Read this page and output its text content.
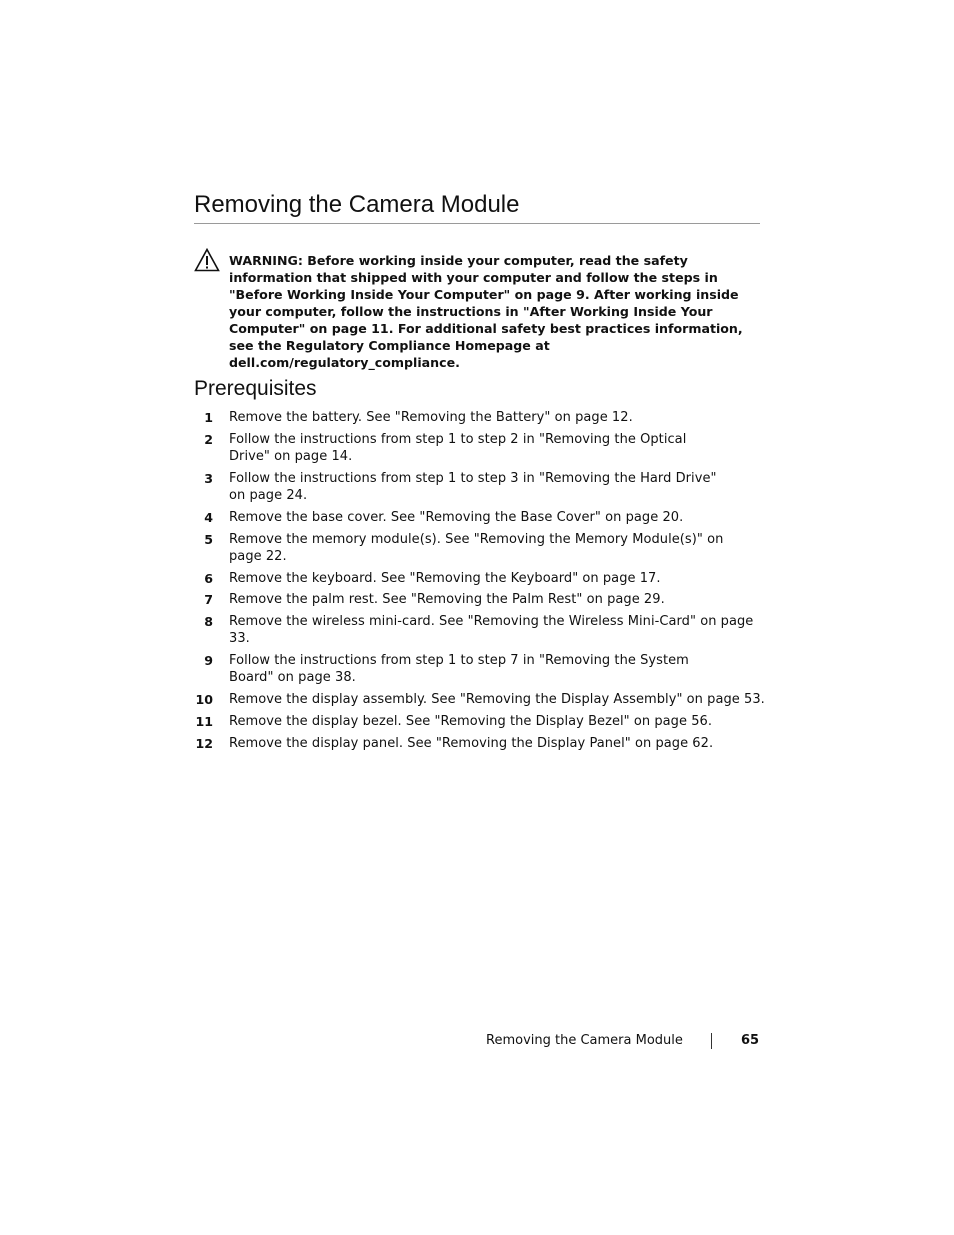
Removing the Camera Module

WARNING: Before working inside your computer, read the safety information that shipped with your computer and follow the steps in "Before Working Inside Your Computer" on page 9. After working inside your computer, follow the instructions in "After Working Inside Your Computer" on page 11. For additional safety best practices information, see the Regulatory Compliance Homepage at dell.com/regulatory_compliance.

Prerequisites
1 Remove the battery. See "Removing the Battery" on page 12.
2 Follow the instructions from step 1 to step 2 in "Removing the Optical Drive" on page 14.
3 Follow the instructions from step 1 to step 3 in "Removing the Hard Drive" on page 24.
4 Remove the base cover. See "Removing the Base Cover" on page 20.
5 Remove the memory module(s). See "Removing the Memory Module(s)" on page 22.
6 Remove the keyboard. See "Removing the Keyboard" on page 17.
7 Remove the palm rest. See "Removing the Palm Rest" on page 29.
8 Remove the wireless mini-card. See "Removing the Wireless Mini-Card" on page 33.
9 Follow the instructions from step 1 to step 7 in "Removing the System Board" on page 38.
10 Remove the display assembly. See "Removing the Display Assembly" on page 53.
11 Remove the display bezel. See "Removing the Display Bezel" on page 56.
12 Remove the display panel. See "Removing the Display Panel" on page 62.
Removing the Camera Module	65
